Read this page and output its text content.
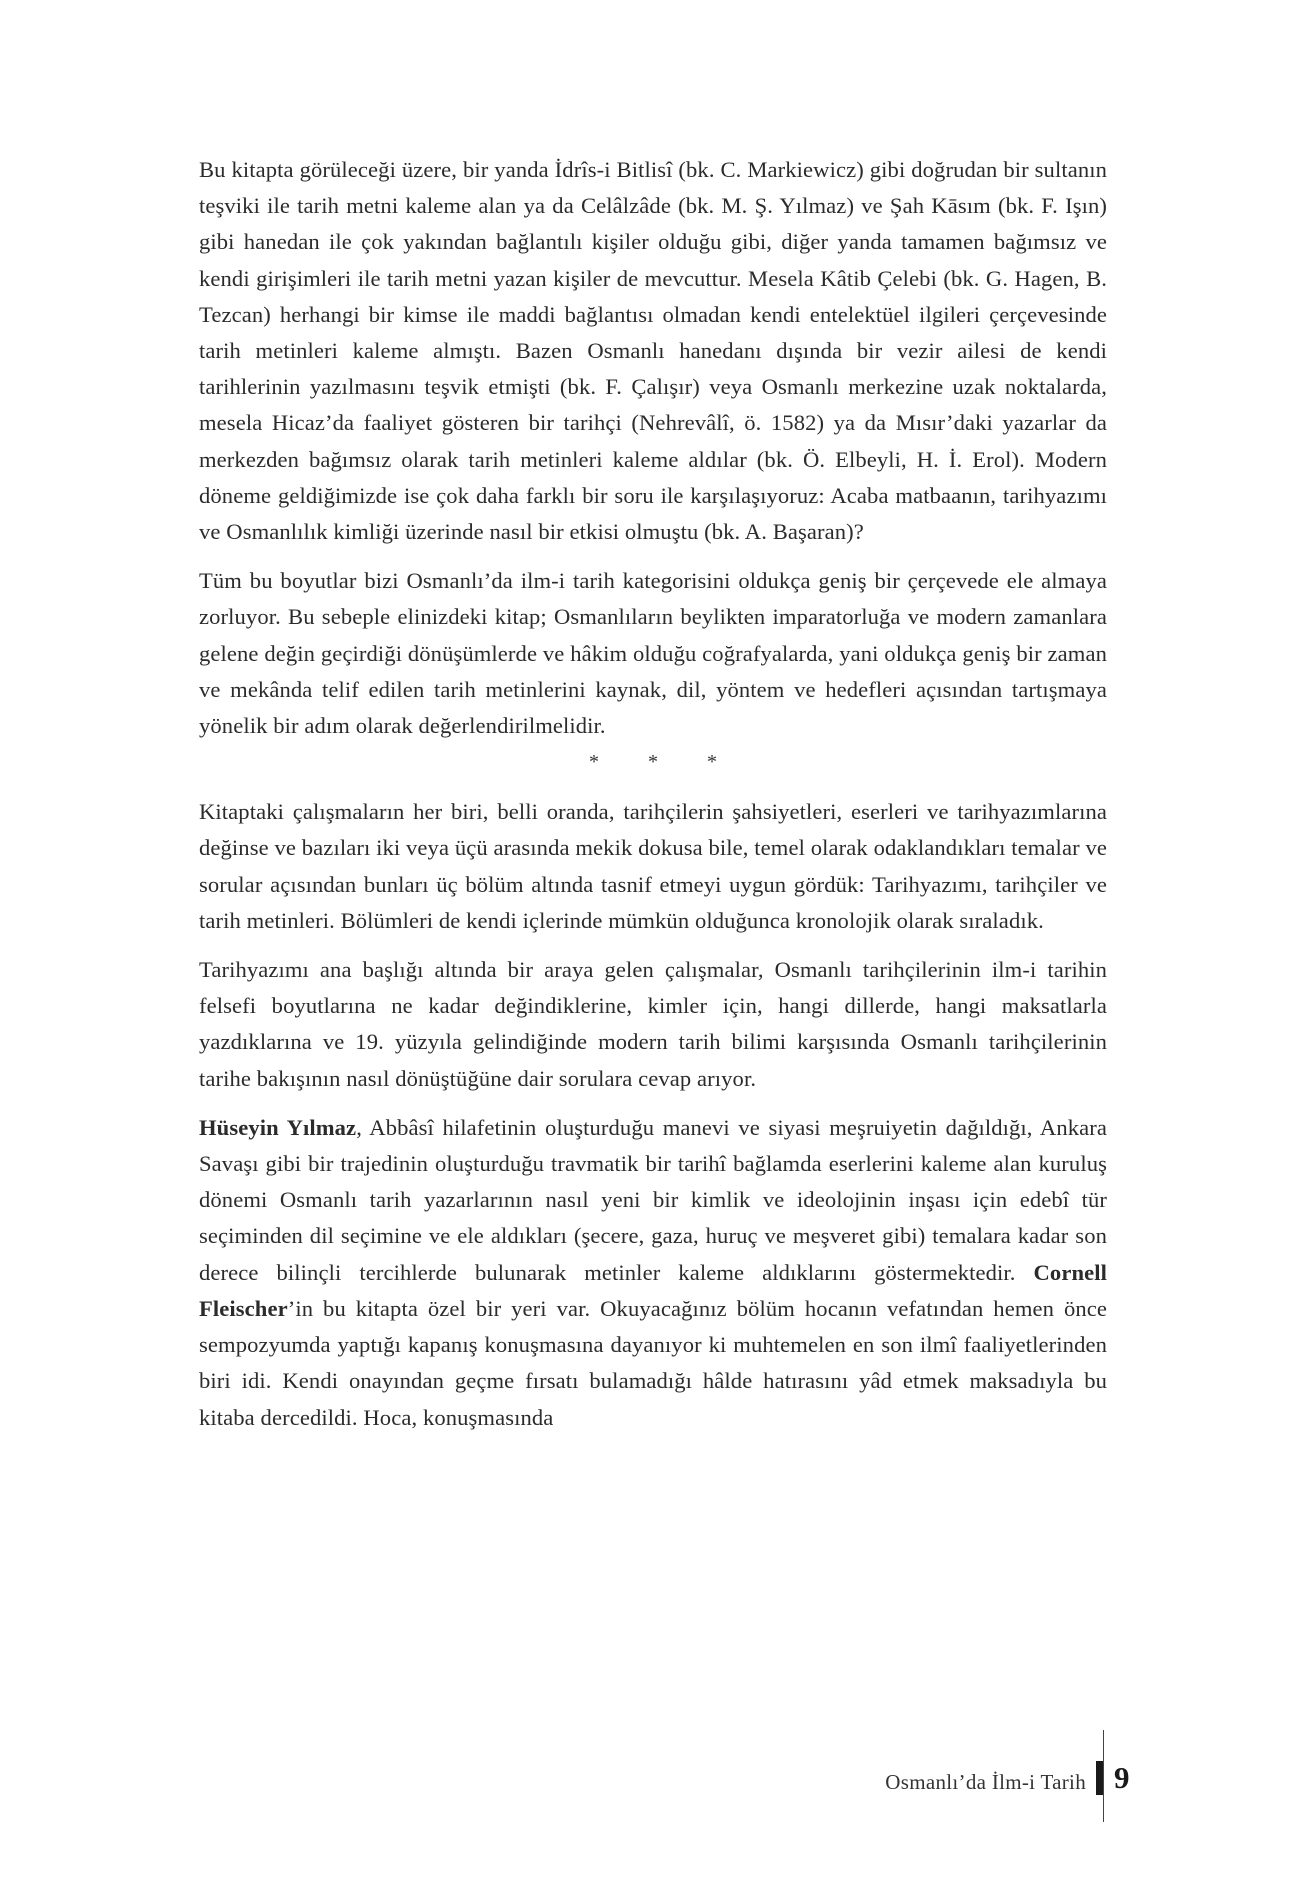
Bu kitapta görüleceği üzere, bir yanda İdrîs-i Bitlisî (bk. C. Markiewicz) gibi doğrudan bir sultanın teşviki ile tarih metni kaleme alan ya da Celâlzâde (bk. M. Ş. Yılmaz) ve Şah Kāsım (bk. F. Işın) gibi hanedan ile çok yakından bağlantılı kişiler olduğu gibi, diğer yanda tamamen bağımsız ve kendi girişimleri ile tarih metni yazan kişiler de mevcuttur. Mesela Kâtib Çelebi (bk. G. Hagen, B. Tezcan) herhangi bir kimse ile maddi bağlantısı olmadan kendi entelektüel ilgileri çerçevesinde tarih metinleri kaleme almıştı. Bazen Osmanlı hanedanı dışında bir vezir ailesi de kendi tarihlerinin yazılmasını teşvik etmişti (bk. F. Çalışır) veya Osmanlı merkezine uzak noktalarda, mesela Hicaz’da faaliyet gösteren bir tarihçi (Nehrevâlî, ö. 1582) ya da Mısır’daki yazarlar da merkezden bağımsız olarak tarih metinleri kaleme aldılar (bk. Ö. Elbeyli, H. İ. Erol). Modern döneme geldiğimizde ise çok daha farklı bir soru ile karşılaşıyoruz: Acaba matbaanın, tarihyazımı ve Osmanlılık kimliği üzerinde nasıl bir etkisi olmuştu (bk. A. Başaran)?

Tüm bu boyutlar bizi Osmanlı’da ilm-i tarih kategorisini oldukça geniş bir çerçevede ele almaya zorluyor. Bu sebeple elinizdeki kitap; Osmanlıların beylikten imparatorluğa ve modern zamanlara gelene değin geçirdiği dönüşümlerde ve hâkim olduğu coğrafyalarda, yani oldukça geniş bir zaman ve mekânda telif edilen tarih metinlerini kaynak, dil, yöntem ve hedefleri açısından tartışmaya yönelik bir adım olarak değerlendirilmelidir.

* * *

Kitaptaki çalışmaların her biri, belli oranda, tarihçilerin şahsiyetleri, eserleri ve tarihyazımlarına değinse ve bazıları iki veya üçü arasında mekik dokusa bile, temel olarak odaklandıkları temalar ve sorular açısından bunları üç bölüm altında tasnif etmeyi uygun gördük: Tarihyazımı, tarihçiler ve tarih metinleri. Bölümleri de kendi içlerinde mümkün olduğunca kronolojik olarak sıraladık.

Tarihyazımı ana başlığı altında bir araya gelen çalışmalar, Osmanlı tarihçilerinin ilm-i tarihin felsefi boyutlarına ne kadar değindiklerine, kimler için, hangi dillerde, hangi maksatlarla yazdıklarına ve 19. yüzyıla gelindiğinde modern tarih bilimi karşısında Osmanlı tarihçilerinin tarihe bakışının nasıl dönüştüğüne dair sorulara cevap arıyor.

Hüseyin Yılmaz, Abbâsî hilafetinin oluşturduğu manevi ve siyasi meşruiyetin dağıldığı, Ankara Savaşı gibi bir trajedinin oluşturduğu travmatik bir tarihî bağlamda eserlerini kaleme alan kuruluş dönemi Osmanlı tarih yazarlarının nasıl yeni bir kimlik ve ideolojinin inşası için edebî tür seçiminden dil seçimine ve ele aldıkları (şecere, gaza, huruç ve meşveret gibi) temalara kadar son derece bilinçli tercihlerde bulunarak metinler kaleme aldıklarını göstermektedir. Cornell Fleischer’in bu kitapta özel bir yeri var. Okuyacağınız bölüm hocanın vefatından hemen önce sempozyumda yaptığı kapanış konuşmasına dayanıyor ki muhtemelen en son ilmî faaliyetlerinden biri idi. Kendi onayından geçme fırsatı bulamadığı hâlde hatırasını yâd etmek maksadıyla bu kitaba dercedildi. Hoca, konuşmasında

Osmanlı’da İlm-i Tarih 9
